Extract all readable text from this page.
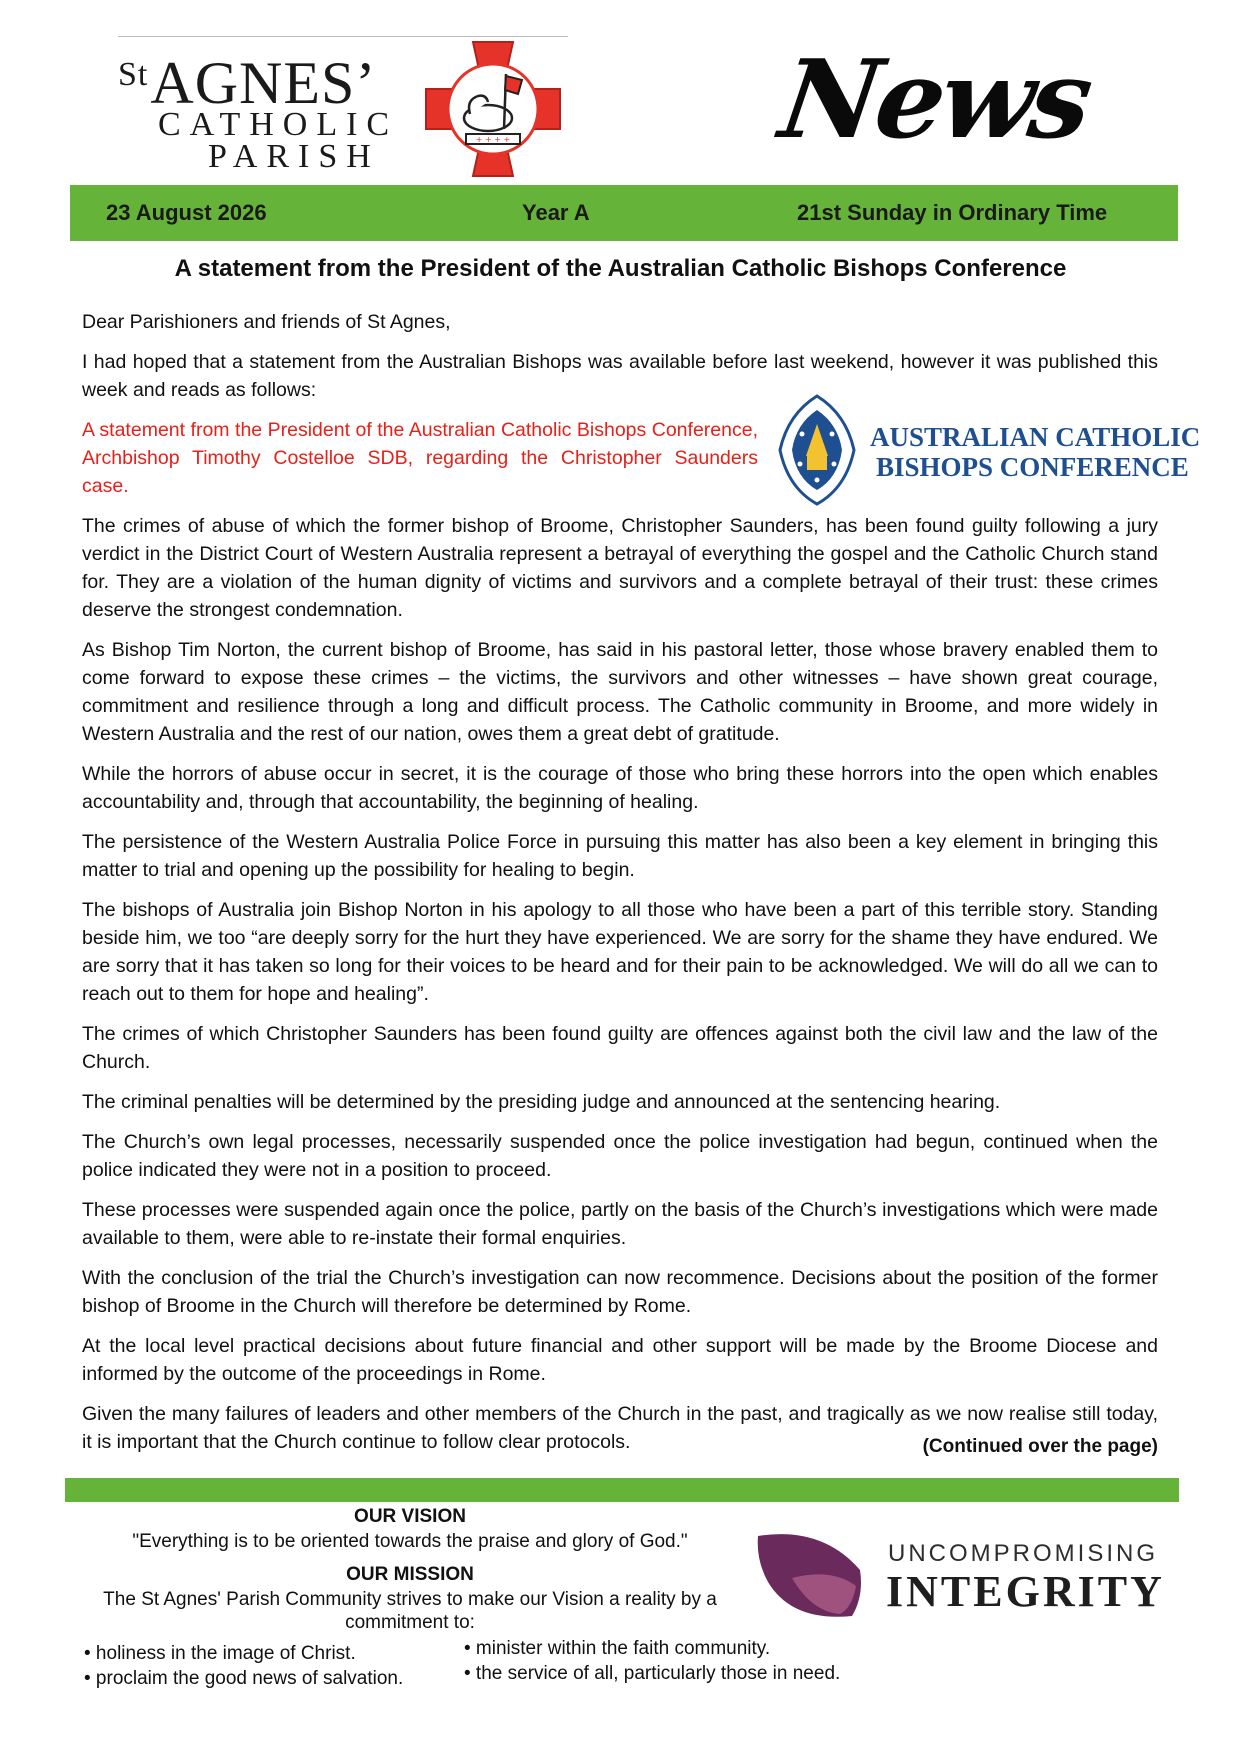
$^{St}$AGNES’
CATHOLIC
PARISH	+ + + + News
23 August 2026	Year A	21st Sunday in Ordinary Time
A statement from the President of the Australian Catholic Bishops Conference
AUSTRALIAN CATHOLIC
BISHOPS CONFERENCE

Dear Parishioners and friends of St Agnes,

I had hoped that a statement from the Australian Bishops was available before last weekend, however it was published this week and reads as follows:

A statement from the President of the Australian Catholic Bishops Conference, Archbishop Timothy Costelloe SDB, regarding the Christopher Saunders case.

The crimes of abuse of which the former bishop of Broome, Christopher Saunders, has been found guilty following a jury verdict in the District Court of Western Australia represent a betrayal of everything the gospel and the Catholic Church stand for. They are a violation of the human dignity of victims and survivors and a complete betrayal of their trust: these crimes deserve the strongest condemnation.

As Bishop Tim Norton, the current bishop of Broome, has said in his pastoral letter, those whose bravery enabled them to come forward to expose these crimes – the victims, the survivors and other witnesses – have shown great courage, commitment and resilience through a long and difficult process. The Catholic community in Broome, and more widely in Western Australia and the rest of our nation, owes them a great debt of gratitude.

While the horrors of abuse occur in secret, it is the courage of those who bring these horrors into the open which enables accountability and, through that accountability, the beginning of healing.

The persistence of the Western Australia Police Force in pursuing this matter has also been a key element in bringing this matter to trial and opening up the possibility for healing to begin.

The bishops of Australia join Bishop Norton in his apology to all those who have been a part of this terrible story. Standing beside him, we too “are deeply sorry for the hurt they have experienced. We are sorry for the shame they have endured. We are sorry that it has taken so long for their voices to be heard and for their pain to be acknowledged. We will do all we can to reach out to them for hope and healing”.

The crimes of which Christopher Saunders has been found guilty are offences against both the civil law and the law of the Church.

The criminal penalties will be determined by the presiding judge and announced at the sentencing hearing.

The Church’s own legal processes, necessarily suspended once the police investigation had begun, continued when the police indicated they were not in a position to proceed.

These processes were suspended again once the police, partly on the basis of the Church’s investigations which were made available to them, were able to re-instate their formal enquiries.

With the conclusion of the trial the Church’s investigation can now recommence. Decisions about the position of the former bishop of Broome in the Church will therefore be determined by Rome.

At the local level practical decisions about future financial and other support will be made by the Broome Diocese and informed by the outcome of the proceedings in Rome.

Given the many failures of leaders and other members of the Church in the past, and tragically as we now realise still today, it is important that the Church continue to follow clear protocols.	(Continued over the page)
OUR VISION
"Everything is to be oriented towards the praise and glory of God."
OUR MISSION
The St Agnes' Parish Community strives to make our Vision a reality by a commitment to:
• holiness in the image of Christ.
• proclaim the good news of salvation.
• minister within the faith community.
• the service of all, particularly those in need.
UNCOMPROMISING
INTEGRITY
